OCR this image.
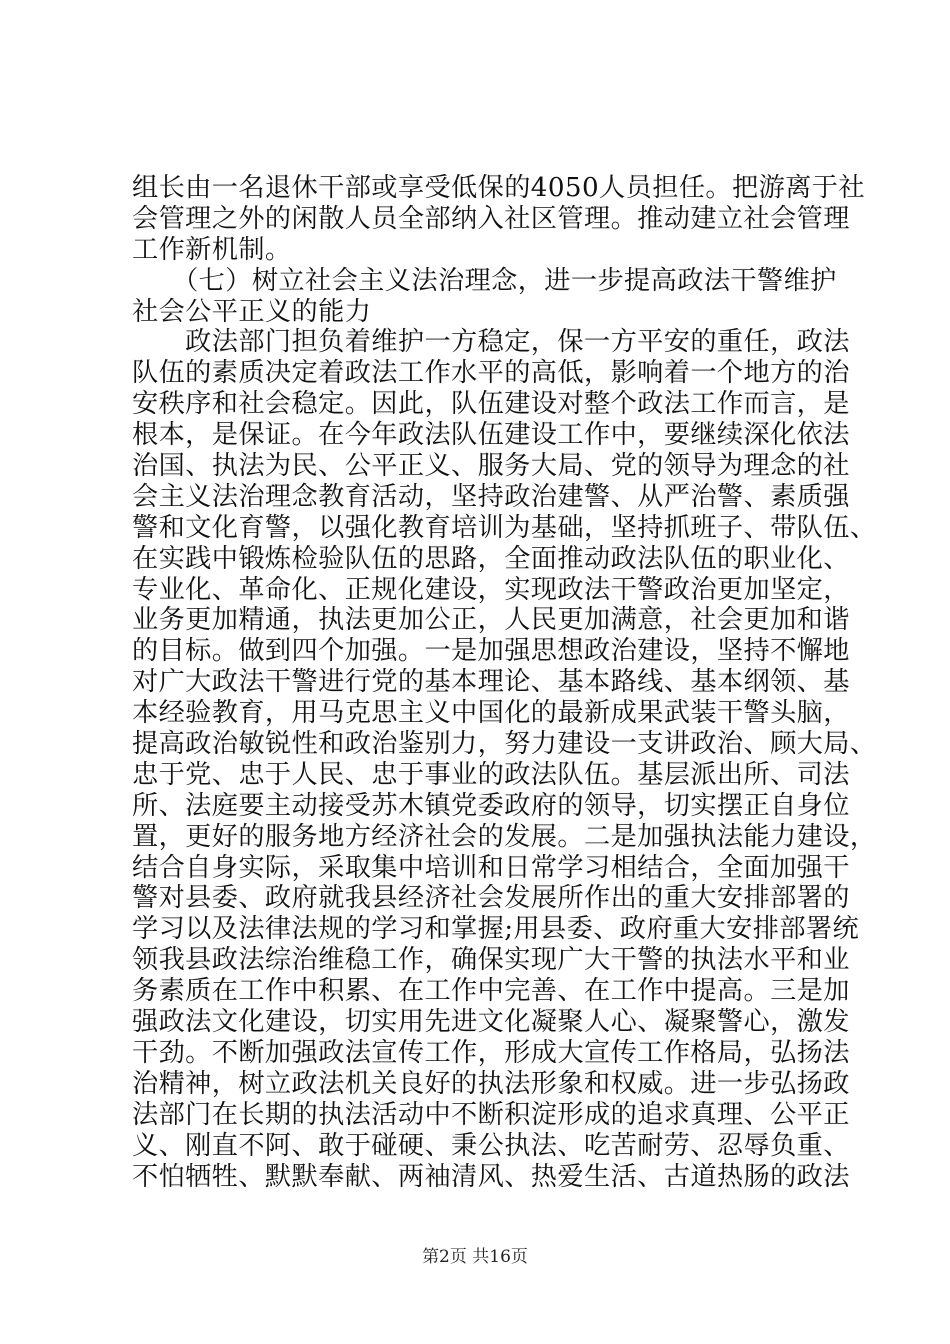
组长由一名退休干部或享受低保的4050人员担任。把游离于社
会管理之外的闲散人员全部纳入社区管理。推动建立社会管理
工作新机制。
　　（七）树立社会主义法治理念，进一步提高政法干警维护
社会公平正义的能力
　　政法部门担负着维护一方稳定，保一方平安的重任，政法
队伍的素质决定着政法工作水平的高低，影响着一个地方的治
安秩序和社会稳定。因此，队伍建设对整个政法工作而言，是
根本，是保证。在今年政法队伍建设工作中，要继续深化依法
治国、执法为民、公平正义、服务大局、党的领导为理念的社
会主义法治理念教育活动，坚持政治建警、从严治警、素质强
警和文化育警，以强化教育培训为基础，坚持抓班子、带队伍、
在实践中锻炼检验队伍的思路，全面推动政法队伍的职业化、
专业化、革命化、正规化建设，实现政法干警政治更加坚定，
业务更加精通，执法更加公正，人民更加满意，社会更加和谐
的目标。做到四个加强。一是加强思想政治建设，坚持不懈地
对广大政法干警进行党的基本理论、基本路线、基本纲领、基
本经验教育，用马克思主义中国化的最新成果武装干警头脑，
提高政治敏锐性和政治鉴别力，努力建设一支讲政治、顾大局、
忠于党、忠于人民、忠于事业的政法队伍。基层派出所、司法
所、法庭要主动接受苏木镇党委政府的领导，切实摆正自身位
置，更好的服务地方经济社会的发展。二是加强执法能力建设，
结合自身实际，采取集中培训和日常学习相结合，全面加强干
警对县委、政府就我县经济社会发展所作出的重大安排部署的
学习以及法律法规的学习和掌握;用县委、政府重大安排部署统
领我县政法综治维稳工作，确保实现广大干警的执法水平和业
务素质在工作中积累、在工作中完善、在工作中提高。三是加
强政法文化建设，切实用先进文化凝聚人心、凝聚警心，激发
干劲。不断加强政法宣传工作，形成大宣传工作格局，弘扬法
治精神，树立政法机关良好的执法形象和权威。进一步弘扬政
法部门在长期的执法活动中不断积淀形成的追求真理、公平正
义、刚直不阿、敢于碰硬、秉公执法、吃苦耐劳、忍辱负重、
不怕牺牲、默默奉献、两袖清风、热爱生活、古道热肠的政法
第2页 共16页
